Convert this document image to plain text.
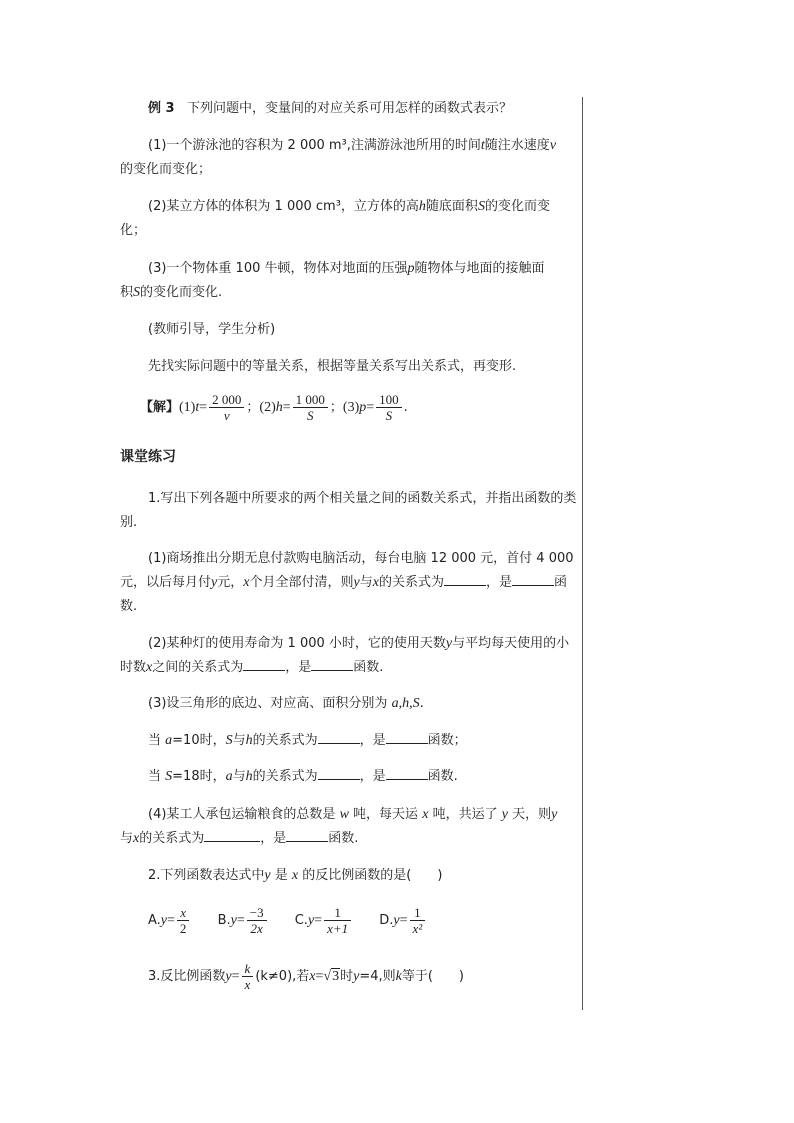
例 3 下列问题中，变量间的对应关系可用怎样的函数式表示？

(1)一个游泳池的容积为 2 000 m³,注满游泳池所用的时间t随注水速度v
的变化而变化；

(2)某立方体的体积为 1 000 cm³，立方体的高h随底面积S的变化而变
化；

(3)一个物体重 100 牛顿，物体对地面的压强p随物体与地面的接触面
积S的变化而变化.

(教师引导，学生分析)

先找实际问题中的等量关系，根据等量关系写出关系式，再变形.

【解】$(1)t= \frac{2 000}{v}$ ；$(2)h= \frac{1 000}{S}$ ；$(3)p= \frac{100}{S}$ .

课堂练习

1.写出下列各题中所要求的两个相关量之间的函数关系式，并指出函数的类别.

(1)商场推出分期无息付款购电脑活动，每台电脑 12 000 元，首付 4 000元，以后每月付y元，x个月全部付清，则y与x的关系式为	，是	函数.

(2)某种灯的使用寿命为 1 000 小时，它的使用天数y与平均每天使用的小时数x之间的关系式为	，是	函数.

(3)设三角形的底边、对应高、面积分别为 a,h,S.

当 a=10时，S与h的关系式为	，是	函数；

当 S=18时，a与h的关系式为	，是	函数.

(4)某工人承包运输粮食的总数是 w 吨，每天运 x 吨，共运了 y 天，则y
与x的关系式为	，是	函数.

2.下列函数表达式中y 是 x 的反比例函数的是(　　)

$A.y= \frac{x}{2} B.y= \frac{-3}{2x} C.y= \frac{1}{x+1} D.y= \frac{1}{\text{x²}}$

3.反比例函数$y= \frac{k}{x} (k\ne 0)$,若x=√3时y=4,则k等于(　　)
